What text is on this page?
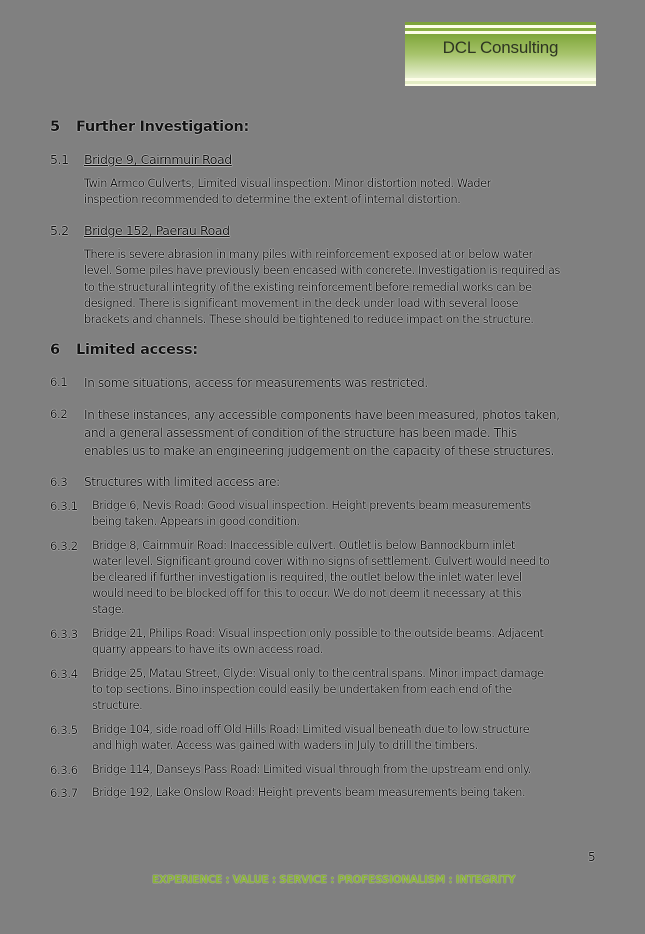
DCL Consulting
5 Further Investigation:
5.1 Bridge 9, Cairnmuir Road
Twin Armco Culverts, Limited visual inspection. Minor distortion noted. Wader
inspection recommended to determine the extent of internal distortion.
5.2 Bridge 152, Paerau Road
There is severe abrasion in many piles with reinforcement exposed at or below water
level. Some piles have previously been encased with concrete. Investigation is required as
to the structural integrity of the existing reinforcement before remedial works can be
designed. There is significant movement in the deck under load with several loose
brackets and channels. These should be tightened to reduce impact on the structure.
6 Limited access:
6.1 In some situations, access for measurements was restricted.
6.2 In these instances, any accessible components have been measured, photos taken,
and a general assessment of condition of the structure has been made. This
enables us to make an engineering judgement on the capacity of these structures.
6.3 Structures with limited access are:
6.3.1 Bridge 6, Nevis Road: Good visual inspection. Height prevents beam measurements
being taken. Appears in good condition.
6.3.2 Bridge 8, Cairnmuir Road: Inaccessible culvert. Outlet is below Bannockburn inlet
water level. Significant ground cover with no signs of settlement. Culvert would need to
be cleared if further investigation is required, the outlet below the inlet water level
would need to be blocked off for this to occur. We do not deem it necessary at this
stage.
6.3.3 Bridge 21, Philips Road: Visual inspection only possible to the outside beams. Adjacent
quarry appears to have its own access road.
6.3.4 Bridge 25, Matau Street, Clyde: Visual only to the central spans. Minor impact damage
to top sections. Bino inspection could easily be undertaken from each end of the
structure.
6.3.5 Bridge 104, side road off Old Hills Road: Limited visual beneath due to low structure
and high water. Access was gained with waders in July to drill the timbers.
6.3.6 Bridge 114, Danseys Pass Road: Limited visual through from the upstream end only.
6.3.7 Bridge 192, Lake Onslow Road: Height prevents beam measurements being taken.
5
EXPERIENCE : VALUE : SERVICE : PROFESSIONALISM : INTEGRITY
